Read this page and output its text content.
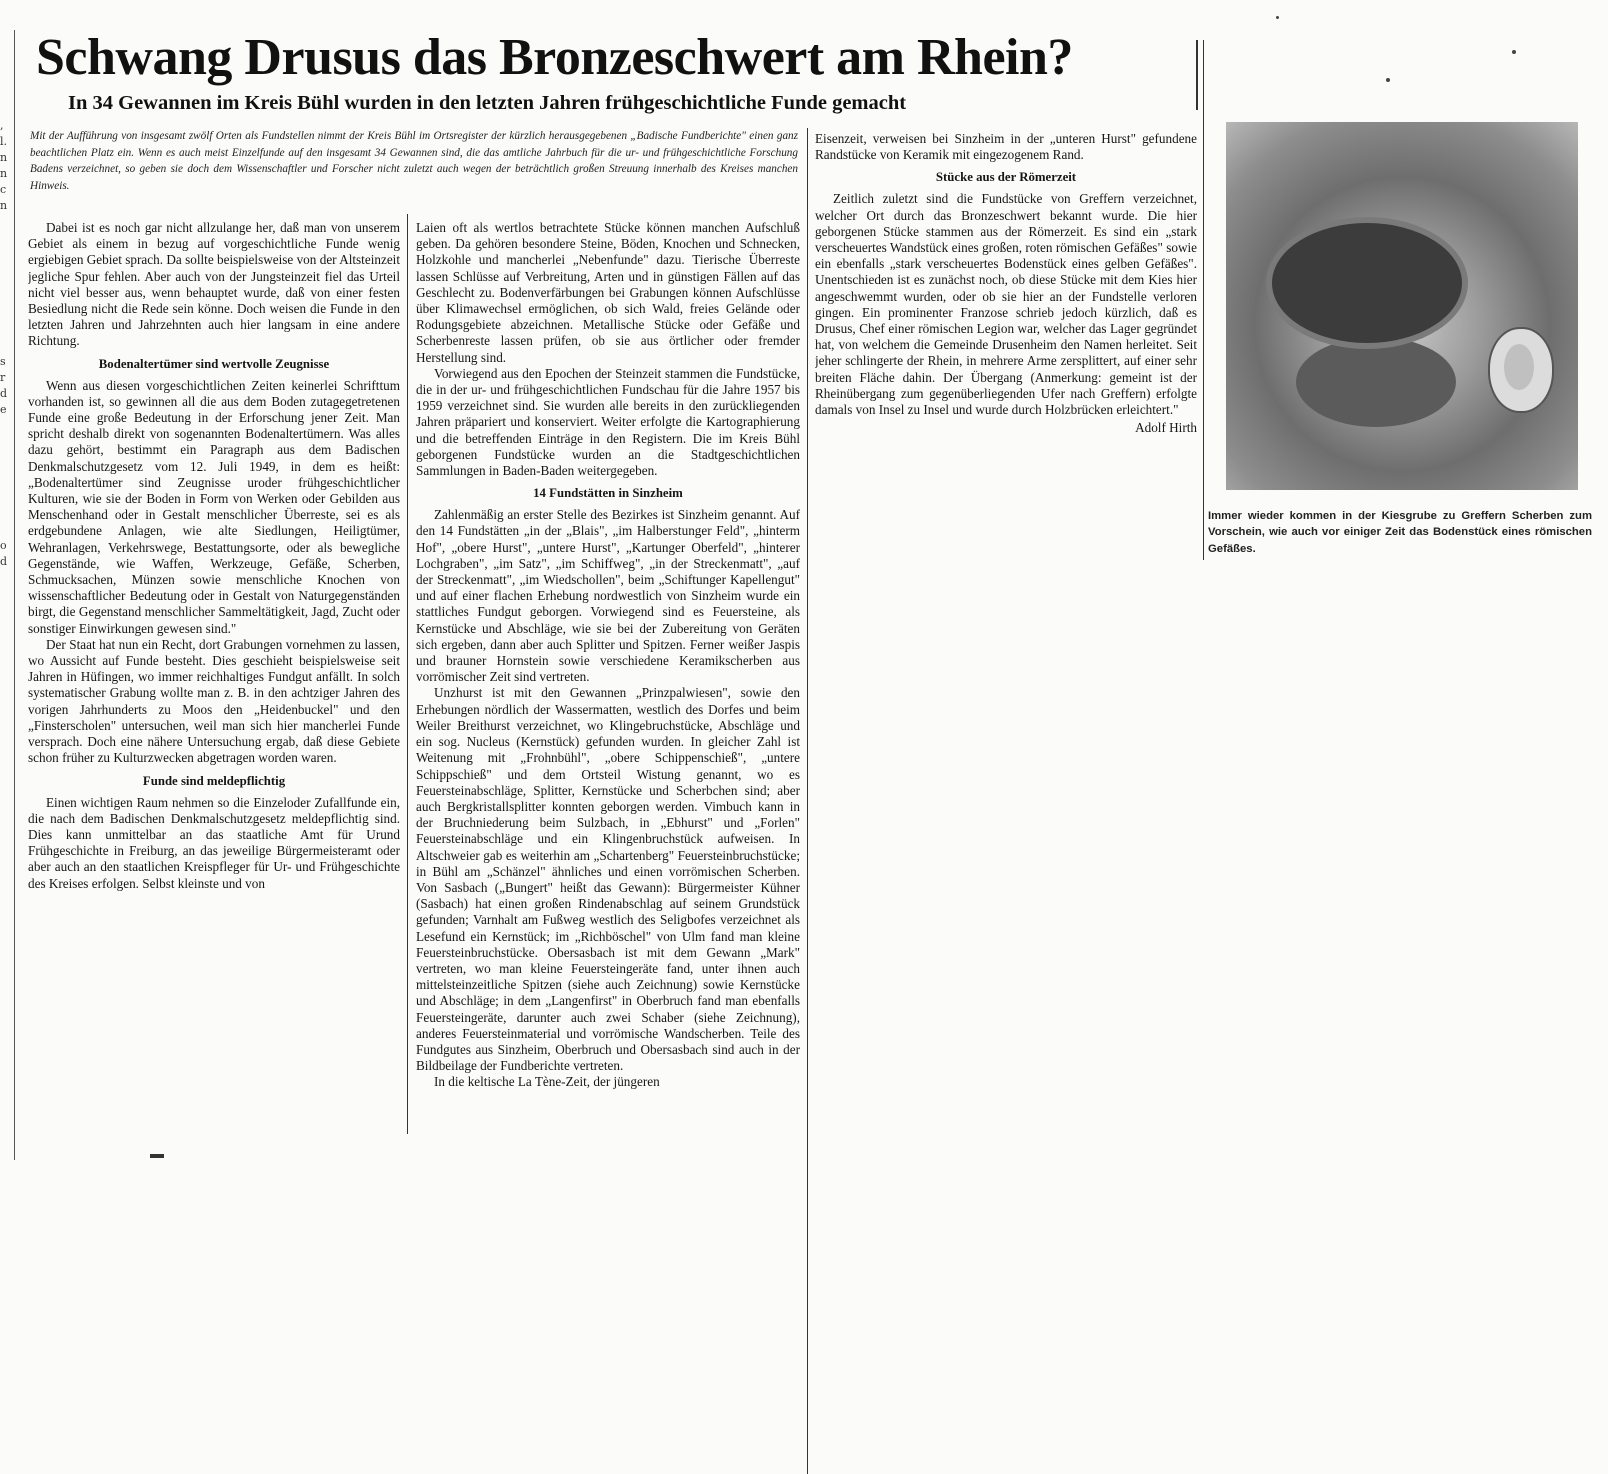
,
l.
n
n
c
n
s
r
d
e
o
d
Schwang Drusus das Bronzeschwert am Rhein?
In 34 Gewannen im Kreis Bühl wurden in den letzten Jahren frühgeschichtliche Funde gemacht
Mit der Aufführung von insgesamt zwölf Orten als Fundstellen nimmt der Kreis Bühl im Ortsregister der kürzlich herausgegebenen „Badische Fundberichte" einen ganz beachtlichen Platz ein. Wenn es auch meist Einzelfunde auf den insgesamt 34 Gewannen sind, die das amtliche Jahrbuch für die ur- und frühgeschichtliche Forschung Badens verzeichnet, so geben sie doch dem Wissenschaftler und Forscher nicht zuletzt auch wegen der beträchtlich großen Streuung innerhalb des Kreises manchen Hinweis.

Dabei ist es noch gar nicht allzulange her, daß man von unserem Gebiet als einem in bezug auf vorgeschichtliche Funde wenig ergiebigen Gebiet sprach. Da sollte beispielsweise von der Altsteinzeit jegliche Spur fehlen. Aber auch von der Jungsteinzeit fiel das Urteil nicht viel besser aus, wenn behauptet wurde, daß von einer festen Besiedlung nicht die Rede sein könne. Doch weisen die Funde in den letzten Jahren und Jahrzehnten auch hier langsam in eine andere Richtung.

Bodenaltertümer sind wertvolle Zeugnisse

Wenn aus diesen vorgeschichtlichen Zeiten keinerlei Schrifttum vorhanden ist, so gewinnen all die aus dem Boden zutagegetretenen Funde eine große Bedeutung in der Erforschung jener Zeit. Man spricht deshalb direkt von sogenannten Bodenaltertümern. Was alles dazu gehört, bestimmt ein Paragraph aus dem Badischen Denkmalschutzgesetz vom 12. Juli 1949, in dem es heißt: „Bodenaltertümer sind Zeugnisse uroder frühgeschichtlicher Kulturen, wie sie der Boden in Form von Werken oder Gebilden aus Menschenhand oder in Gestalt menschlicher Überreste, sei es als erdgebundene Anlagen, wie alte Siedlungen, Heiligtümer, Wehranlagen, Verkehrswege, Bestattungsorte, oder als bewegliche Gegenstände, wie Waffen, Werkzeuge, Gefäße, Scherben, Schmucksachen, Münzen sowie menschliche Knochen von wissenschaftlicher Bedeutung oder in Gestalt von Naturgegenständen birgt, die Gegenstand menschlicher Sammeltätigkeit, Jagd, Zucht oder sonstiger Einwirkungen gewesen sind."

Der Staat hat nun ein Recht, dort Grabungen vornehmen zu lassen, wo Aussicht auf Funde besteht. Dies geschieht beispielsweise seit Jahren in Hüfingen, wo immer reichhaltiges Fundgut anfällt. In solch systematischer Grabung wollte man z. B. in den achtziger Jahren des vorigen Jahrhunderts zu Moos den „Heidenbuckel" und den „Finsterscholen" untersuchen, weil man sich hier mancherlei Funde versprach. Doch eine nähere Untersuchung ergab, daß diese Gebiete schon früher zu Kulturzwecken abgetragen worden waren.

Funde sind meldepflichtig

Einen wichtigen Raum nehmen so die Einzeloder Zufallfunde ein, die nach dem Badischen Denkmalschutzgesetz meldepflichtig sind. Dies kann unmittelbar an das staatliche Amt für Urund Frühgeschichte in Freiburg, an das jeweilige Bürgermeisteramt oder aber auch an den staatlichen Kreispfleger für Ur- und Frühgeschichte des Kreises erfolgen. Selbst kleinste und von

Laien oft als wertlos betrachtete Stücke können manchen Aufschluß geben. Da gehören besondere Steine, Böden, Knochen und Schnecken, Holzkohle und mancherlei „Nebenfunde" dazu. Tierische Überreste lassen Schlüsse auf Verbreitung, Arten und in günstigen Fällen auf das Geschlecht zu. Bodenverfärbungen bei Grabungen können Aufschlüsse über Klimawechsel ermöglichen, ob sich Wald, freies Gelände oder Rodungsgebiete abzeichnen. Metallische Stücke oder Gefäße und Scherbenreste lassen prüfen, ob sie aus örtlicher oder fremder Herstellung sind.

Vorwiegend aus den Epochen der Steinzeit stammen die Fundstücke, die in der ur- und frühgeschichtlichen Fundschau für die Jahre 1957 bis 1959 verzeichnet sind. Sie wurden alle bereits in den zurückliegenden Jahren präpariert und konserviert. Weiter erfolgte die Kartographierung und die betreffenden Einträge in den Registern. Die im Kreis Bühl geborgenen Fundstücke wurden an die Stadtgeschichtlichen Sammlungen in Baden-Baden weitergegeben.

14 Fundstätten in Sinzheim

Zahlenmäßig an erster Stelle des Bezirkes ist Sinzheim genannt. Auf den 14 Fundstätten „in der „Blais", „im Halberstunger Feld", „hinterm Hof", „obere Hurst", „untere Hurst", „Kartunger Oberfeld", „hinterer Lochgraben", „im Satz", „im Schiffweg", „in der Streckenmatt", „auf der Streckenmatt", „im Wiedschollen", beim „Schiftunger Kapellengut" und auf einer flachen Erhebung nordwestlich von Sinzheim wurde ein stattliches Fundgut geborgen. Vorwiegend sind es Feuersteine, als Kernstücke und Abschläge, wie sie bei der Zubereitung von Geräten sich ergeben, dann aber auch Splitter und Spitzen. Ferner weißer Jaspis und brauner Hornstein sowie verschiedene Keramikscherben aus vorrömischer Zeit sind vertreten.

Unzhurst ist mit den Gewannen „Prinzpalwiesen", sowie den Erhebungen nördlich der Wassermatten, westlich des Dorfes und beim Weiler Breithurst verzeichnet, wo Klingebruchstücke, Abschläge und ein sog. Nucleus (Kernstück) gefunden wurden. In gleicher Zahl ist Weitenung mit „Frohnbühl", „obere Schippenschieß", „untere Schippschieß" und dem Ortsteil Wistung genannt, wo es Feuersteinabschläge, Splitter, Kernstücke und Scherbchen sind; aber auch Bergkristallsplitter konnten geborgen werden. Vimbuch kann in der Bruchniederung beim Sulzbach, in „Ebhurst" und „Forlen" Feuersteinabschläge und ein Klingenbruchstück aufweisen. In Altschweier gab es weiterhin am „Schartenberg" Feuersteinbruchstücke; in Bühl am „Schänzel" ähnliches und einen vorrömischen Scherben. Von Sasbach („Bungert" heißt das Gewann): Bürgermeister Kühner (Sasbach) hat einen großen Rindenabschlag auf seinem Grundstück gefunden; Varnhalt am Fußweg westlich des Seligbofes verzeichnet als Lesefund ein Kernstück; im „Richböschel" von Ulm fand man kleine Feuersteinbruchstücke. Obersasbach ist mit dem Gewann „Mark" vertreten, wo man kleine Feuersteingeräte fand, unter ihnen auch mittelsteinzeitliche Spitzen (siehe auch Zeichnung) sowie Kernstücke und Abschläge; in dem „Langenfirst" in Oberbruch fand man ebenfalls Feuersteingeräte, darunter auch zwei Schaber (siehe Zeichnung), anderes Feuersteinmaterial und vorrömische Wandscherben. Teile des Fundgutes aus Sinzheim, Oberbruch und Obersasbach sind auch in der Bildbeilage der Fundberichte vertreten.

In die keltische La Tène-Zeit, der jüngeren

Eisenzeit, verweisen bei Sinzheim in der „unteren Hurst" gefundene Randstücke von Keramik mit eingezogenem Rand.

Stücke aus der Römerzeit

Zeitlich zuletzt sind die Fundstücke von Greffern verzeichnet, welcher Ort durch das Bronzeschwert bekannt wurde. Die hier geborgenen Stücke stammen aus der Römerzeit. Es sind ein „stark verscheuertes Wandstück eines großen, roten römischen Gefäßes" sowie ein ebenfalls „stark verscheuertes Bodenstück eines gelben Gefäßes". Unentschieden ist es zunächst noch, ob diese Stücke mit dem Kies hier angeschwemmt wurden, oder ob sie hier an der Fundstelle verloren gingen. Ein prominenter Franzose schrieb jedoch kürzlich, daß es Drusus, Chef einer römischen Legion war, welcher das Lager gegründet hat, von welchem die Gemeinde Drusenheim den Namen herleitet. Seit jeher schlingerte der Rhein, in mehrere Arme zersplittert, auf einer sehr breiten Fläche dahin. Der Übergang (Anmerkung: gemeint ist der Rheinübergang zum gegenüberliegenden Ufer nach Greffern) erfolgte damals von Insel zu Insel und wurde durch Holzbrücken erleichtert."

Adolf Hirth
Immer wieder kommen in der Kiesgrube zu Greffern Scherben zum Vorschein, wie auch vor einiger Zeit das Bodenstück eines römischen Gefäßes.
